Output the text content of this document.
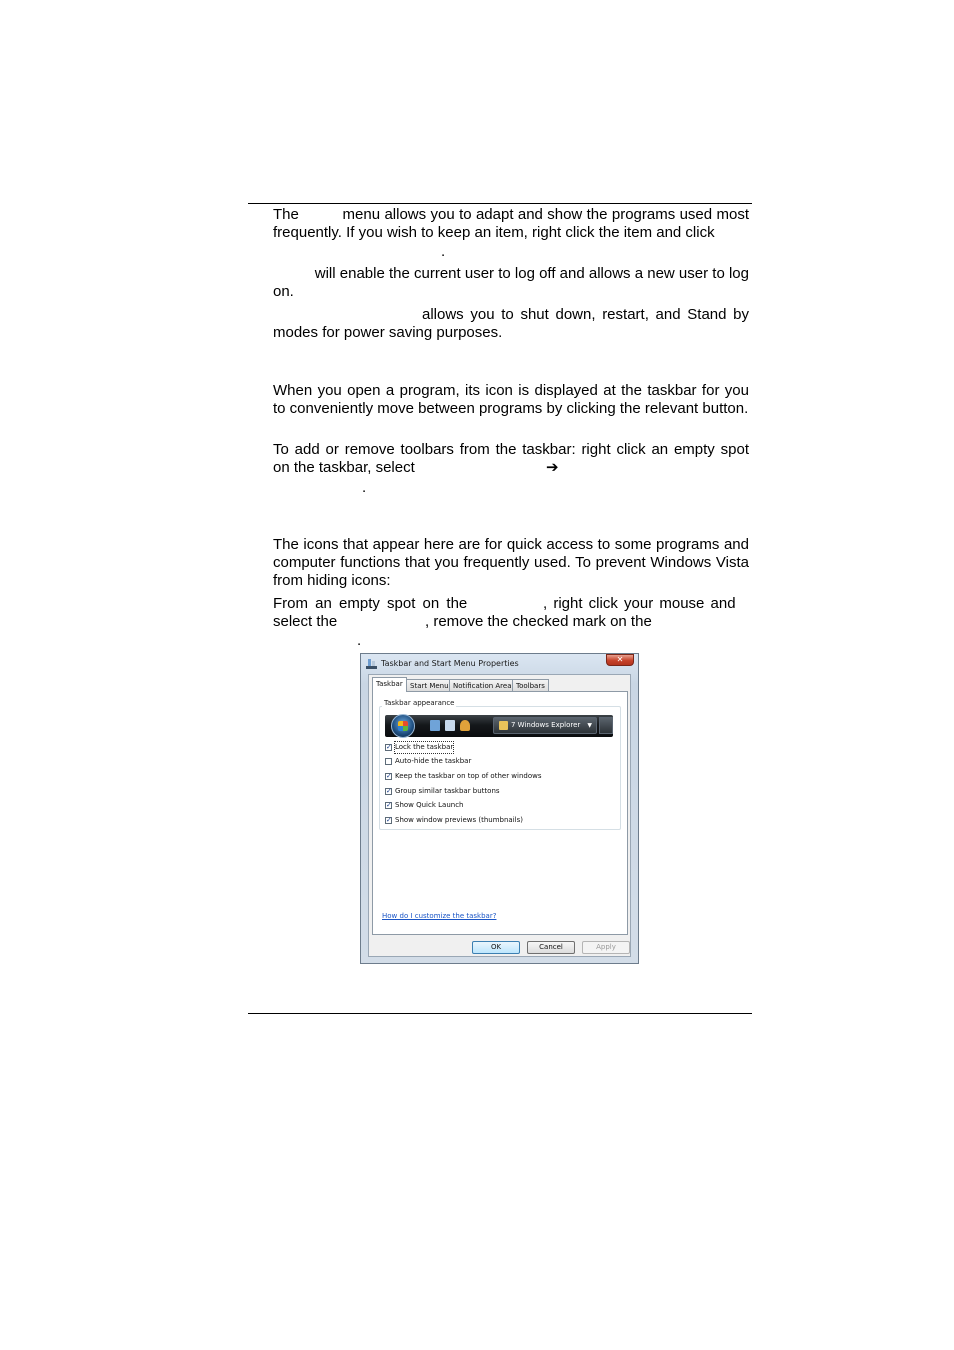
The          menu allows you to adapt and show the programs used most frequently. If you wish to keep an item, right click the item and click
.
will enable the current user to log off and allows a new user to log on.
allows you to shut down, restart, and Stand by modes for power saving purposes.
When you open a program, its icon is displayed at the taskbar for you to conveniently move between programs by clicking the relevant button.
To add or remove toolbars from the taskbar: right click an empty spot on the taskbar, select	➔
.
The icons that appear here are for quick access to some programs and computer functions that you frequently used. To prevent Windows Vista from hiding icons:
From an empty spot on the	, right click your mouse and
select the	, remove the checked mark on the
.
Taskbar and Start Menu Properties	✕
Taskbar	Start Menu Notification Area Toolbars
Taskbar appearance
7 Windows Explorer ▼
✓
Lock the taskbar
Auto-hide the taskbar
✓
Keep the taskbar on top of other windows
✓
Group similar taskbar buttons
✓
Show Quick Launch
✓
Show window previews (thumbnails)
How do I customize the taskbar?
OK	Cancel	Apply
